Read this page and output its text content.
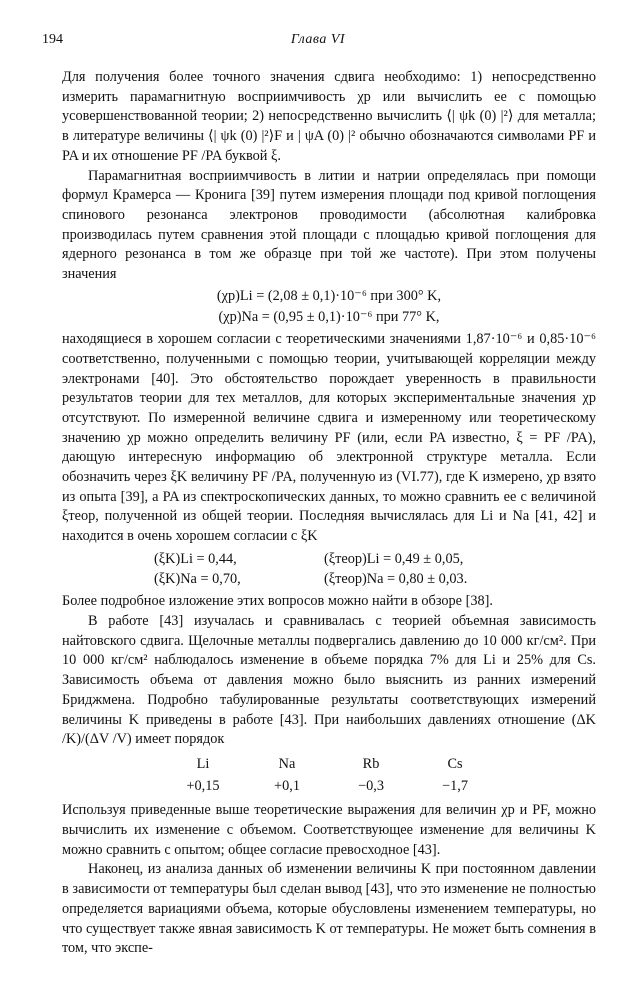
194	Глава VI

Для получения более точного значения сдвига необходимо: 1) непосредственно измерить парамагнитную восприимчивость χp или вычислить ее с помощью усовершенствованной теории; 2) непосредственно вычислить ⟨| ψk (0) |²⟩ для металла; в литературе величины ⟨| ψk (0) |²⟩F и | ψA (0) |² обычно обозначаются символами PF и PA и их отношение PF /PA буквой ξ.

Парамагнитная восприимчивость в литии и натрии определялась при помощи формул Крамерса — Кронига [39] путем измерения площади под кривой поглощения спинового резонанса электронов проводимости (абсолютная калибровка производилась путем сравнения этой площади с площадью кривой поглощения для ядерного резонанса в том же образце при той же частоте). При этом получены значения

(χp)Li = (2,08 ± 0,1)·10⁻⁶ при 300° K,
(χp)Na = (0,95 ± 0,1)·10⁻⁶ при 77° K,

находящиеся в хорошем согласии с теоретическими значениями 1,87·10⁻⁶ и 0,85·10⁻⁶ соответственно, полученными с помощью теории, учитывающей корреляции между электронами [40]. Это обстоятельство порождает уверенность в правильности результатов теории для тех металлов, для которых экспериментальные значения χp отсутствуют. По измеренной величине сдвига и измеренному или теоретическому значению χp можно определить величину PF (или, если PA известно, ξ = PF /PA), дающую интересную информацию об электронной структуре металла. Если обозначить через ξK величину PF /PA, полученную из (VI.77), где K измерено, χp взято из опыта [39], а PA из спектроскопических данных, то можно сравнить ее с величиной ξтеор, полученной из общей теории. Последняя вычислялась для Li и Na [41, 42] и находится в очень хорошем согласии с ξK

(ξK)Li = 0,44,	(ξтеор)Li = 0,49 ± 0,05,
(ξK)Na = 0,70,	(ξтеор)Na = 0,80 ± 0,03.

Более подробное изложение этих вопросов можно найти в обзоре [38].

В работе [43] изучалась и сравнивалась с теорией объемная зависимость найтовского сдвига. Щелочные металлы подвергались давлению до 10 000 кг/см². При 10 000 кг/см² наблюдалось изменение в объеме порядка 7% для Li и 25% для Cs. Зависимость объема от давления можно было выяснить из ранних измерений Бриджмена. Подробно табулированные результаты соответствующих измерений величины K приведены в работе [43]. При наибольших давлениях отношение (ΔK /K)/(ΔV /V) имеет порядок

Li	Na	Rb	Cs
+0,15	+0,1	−0,3	−1,7

Используя приведенные выше теоретические выражения для величин χp и PF, можно вычислить их изменение с объемом. Соответствующее изменение для величины K можно сравнить с опытом; общее согласие превосходное [43].

Наконец, из анализа данных об изменении величины K при постоянном давлении в зависимости от температуры был сделан вывод [43], что это изменение не полностью определяется вариациями объема, которые обусловлены изменением температуры, но что существует также явная зависимость K от температуры. Не может быть сомнения в том, что экспе-
